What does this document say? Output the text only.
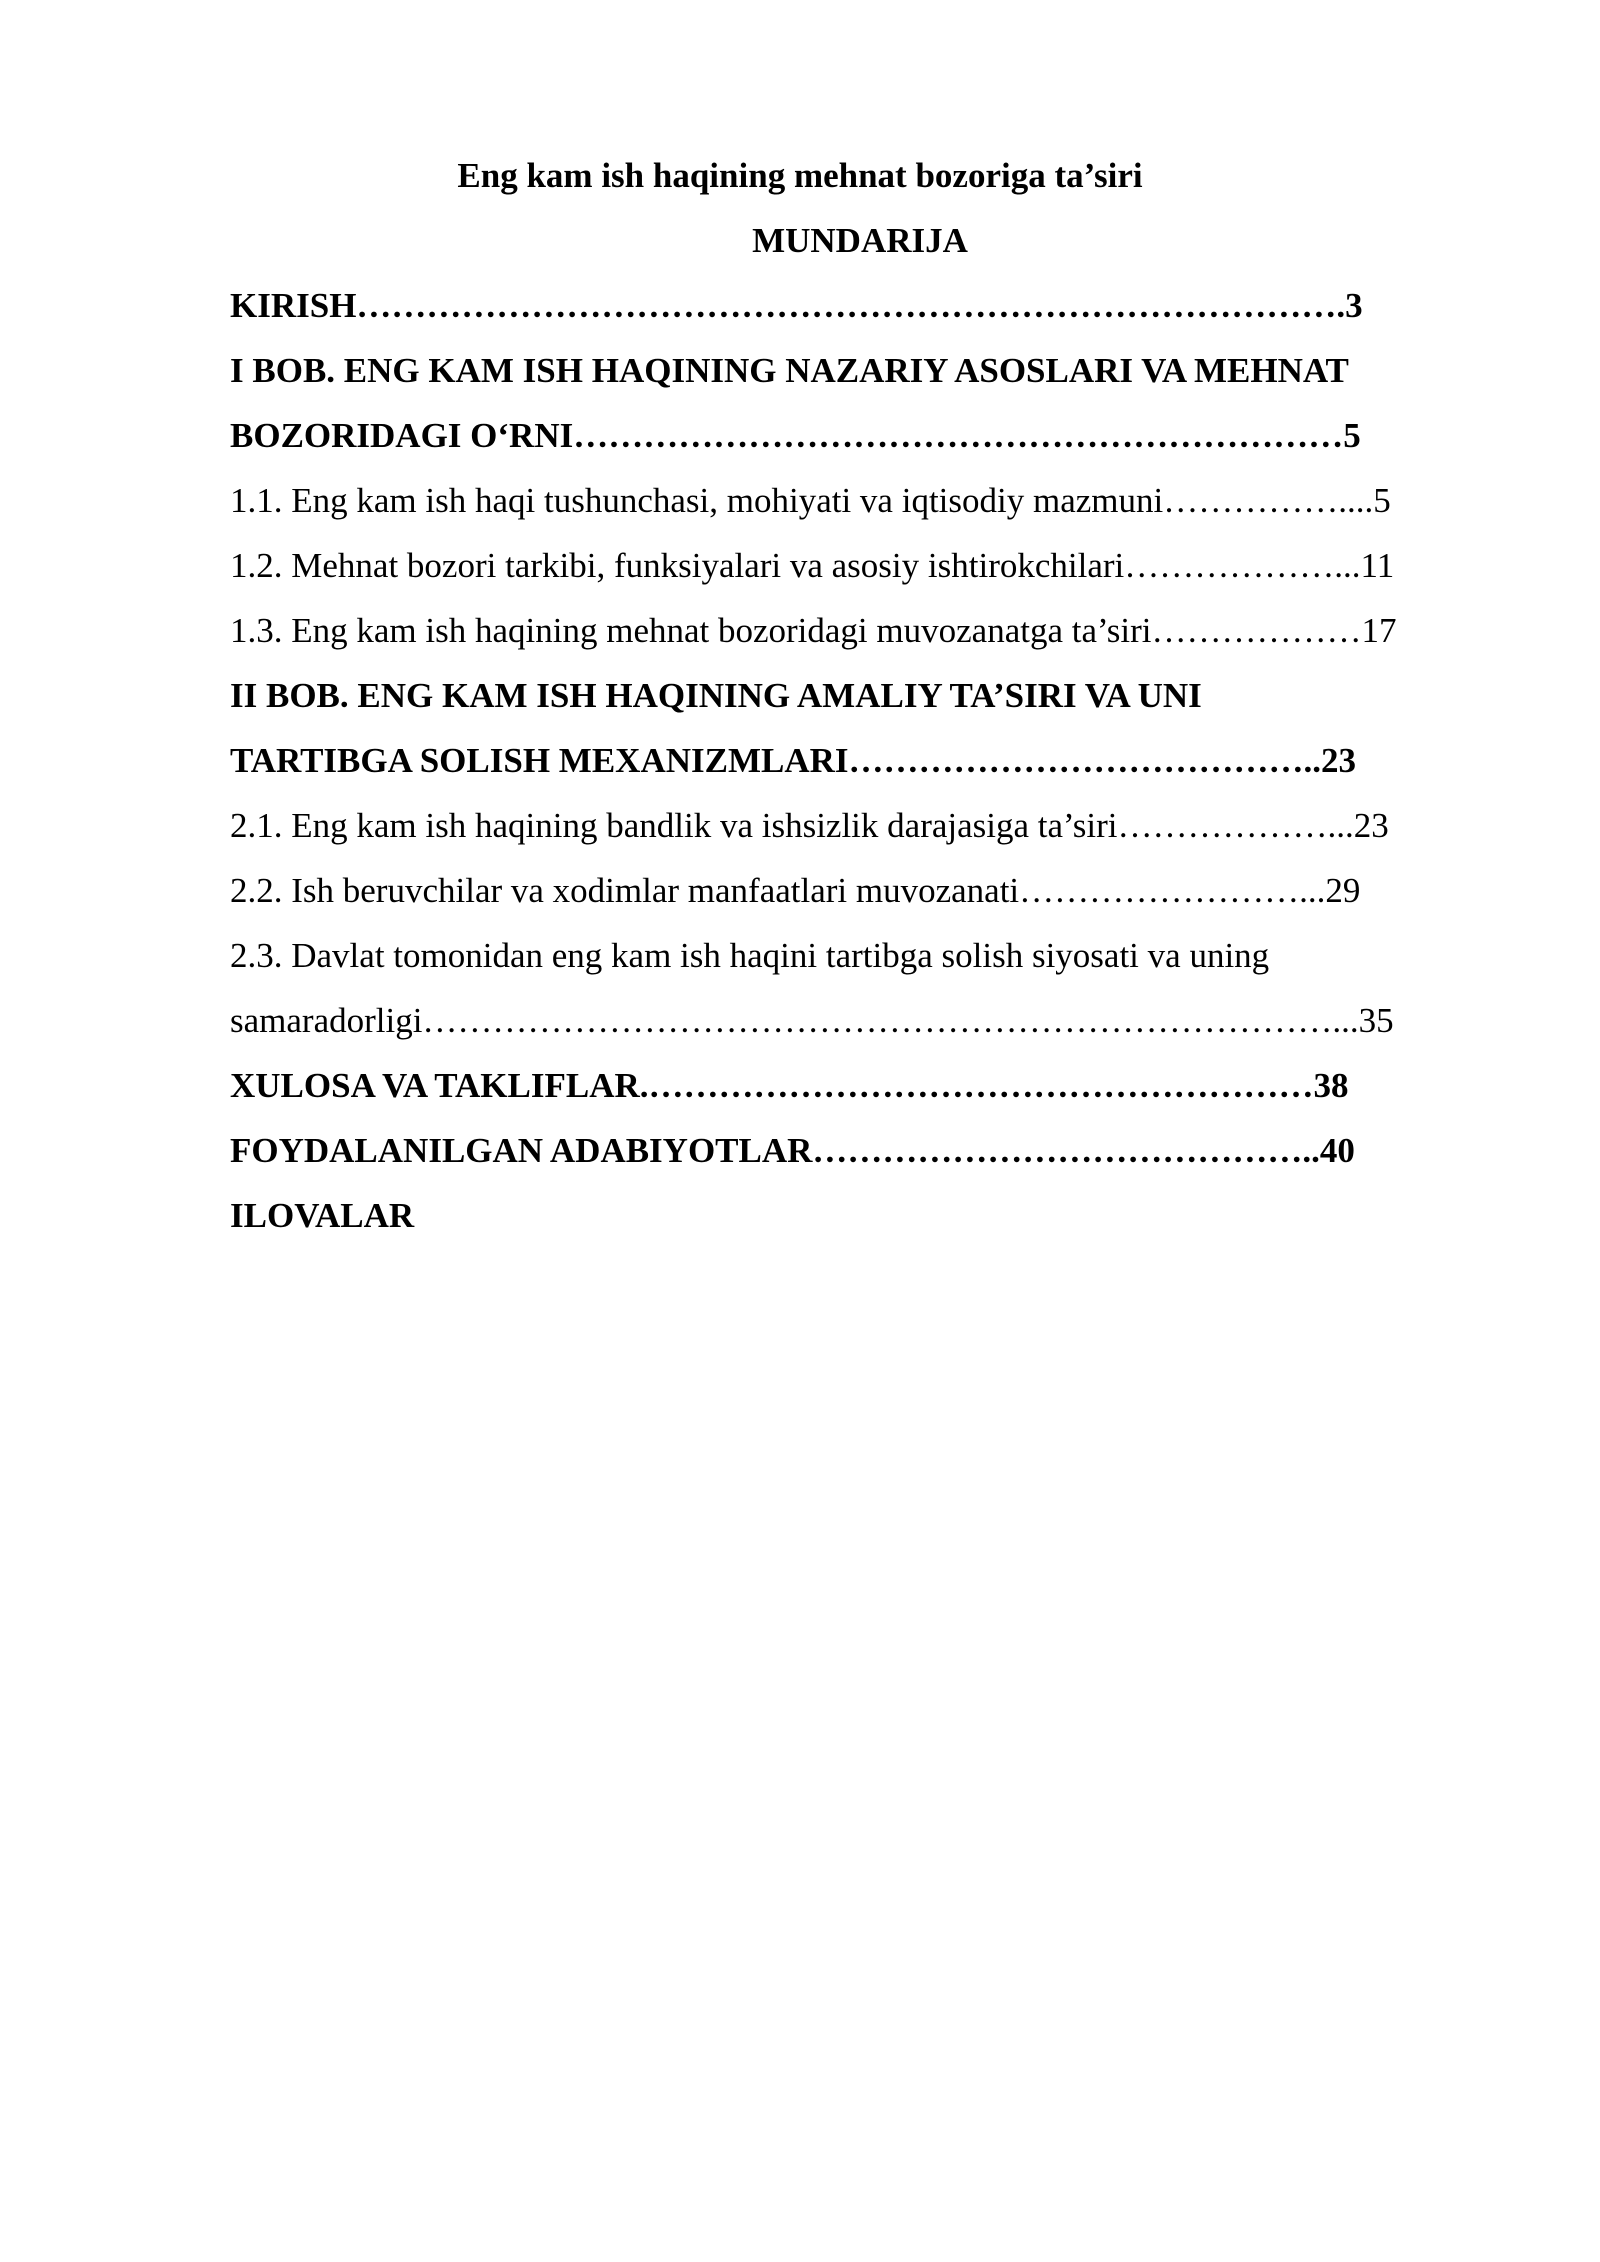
Eng kam ish haqining mehnat bozoriga ta’siri
MUNDARIJA
KIRISH………………………………………………………………………….3
I BOB. ENG KAM ISH HAQINING NAZARIY ASOSLARI VA MEHNAT
BOZORIDAGI O‘RNI…………………………………………………………5
1.1. Eng kam ish haqi tushunchasi, mohiyati va iqtisodiy mazmuni……………....5
1.2. Mehnat bozori tarkibi, funksiyalari va asosiy ishtirokchilari………………...11
1.3. Eng kam ish haqining mehnat bozoridagi muvozanatga ta’siri………………17
II BOB. ENG KAM ISH HAQINING AMALIY TA’SIRI VA UNI
TARTIBGA SOLISH MEXANIZMLARI…………………………………..23
2.1. Eng kam ish haqining bandlik va ishsizlik darajasiga ta’siri………………...23
2.2. Ish beruvchilar va xodimlar manfaatlari muvozanati……………………...29
2.3. Davlat tomonidan eng kam ish haqini tartibga solish siyosati va uning
samaradorligi……………………………………………………………………...35
XULOSA VA TAKLIFLAR.…………………………………………………38
FOYDALANILGAN ADABIYOTLAR……………………………………..40
ILOVALAR
